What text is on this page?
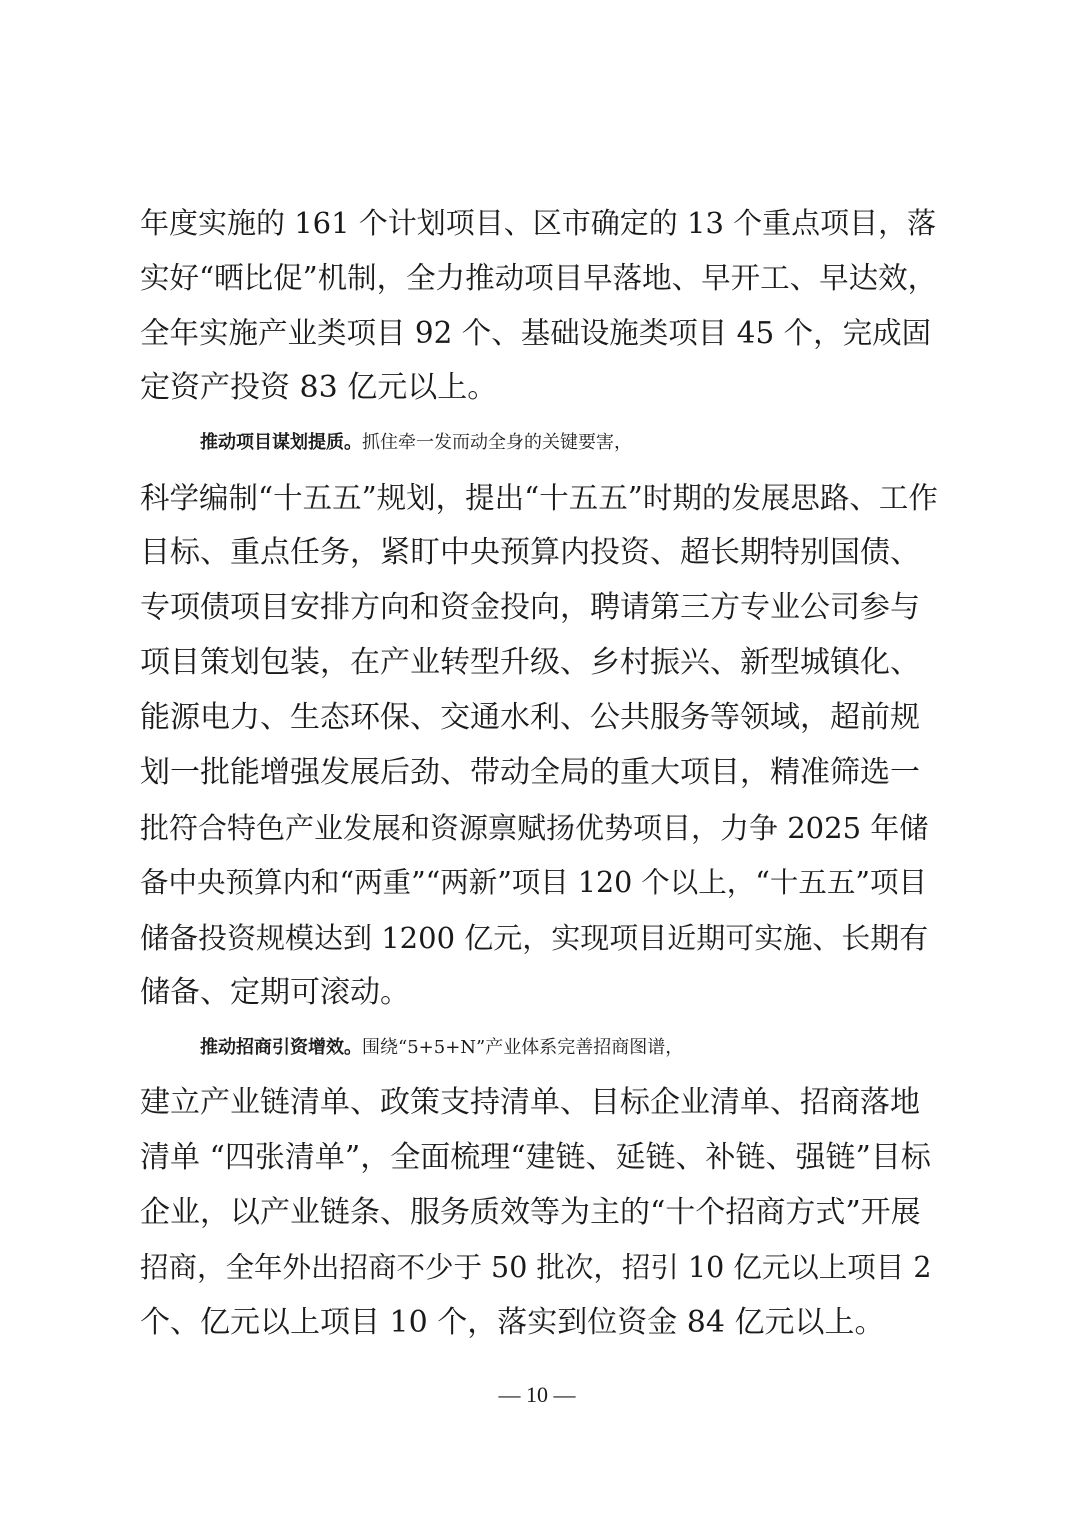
年度实施的 161 个计划项目、区市确定的 13 个重点项目，落
实好“晒比促”机制，全力推动项目早落地、早开工、早达效，
全年实施产业类项目 92 个、基础设施类项目 45 个，完成固
定资产投资 83 亿元以上。
推动项目谋划提质。抓住牵一发而动全身的关键要害，
科学编制“十五五”规划，提出“十五五”时期的发展思路、工作
目标、重点任务，紧盯中央预算内投资、超长期特别国债、
专项债项目安排方向和资金投向，聘请第三方专业公司参与
项目策划包装，在产业转型升级、乡村振兴、新型城镇化、
能源电力、生态环保、交通水利、公共服务等领域，超前规
划一批能增强发展后劲、带动全局的重大项目，精准筛选一
批符合特色产业发展和资源禀赋扬优势项目，力争 2025 年储
备中央预算内和“两重”“两新”项目 120 个以上，“十五五”项目
储备投资规模达到 1200 亿元，实现项目近期可实施、长期有
储备、定期可滚动。
推动招商引资增效。围绕“5+5+N”产业体系完善招商图谱，
建立产业链清单、政策支持清单、目标企业清单、招商落地
清单 “四张清单”，全面梳理“建链、延链、补链、强链”目标
企业，以产业链条、服务质效等为主的“十个招商方式”开展
招商，全年外出招商不少于 50 批次，招引 10 亿元以上项目 2
个、亿元以上项目 10 个，落实到位资金 84 亿元以上。
— 10 —
